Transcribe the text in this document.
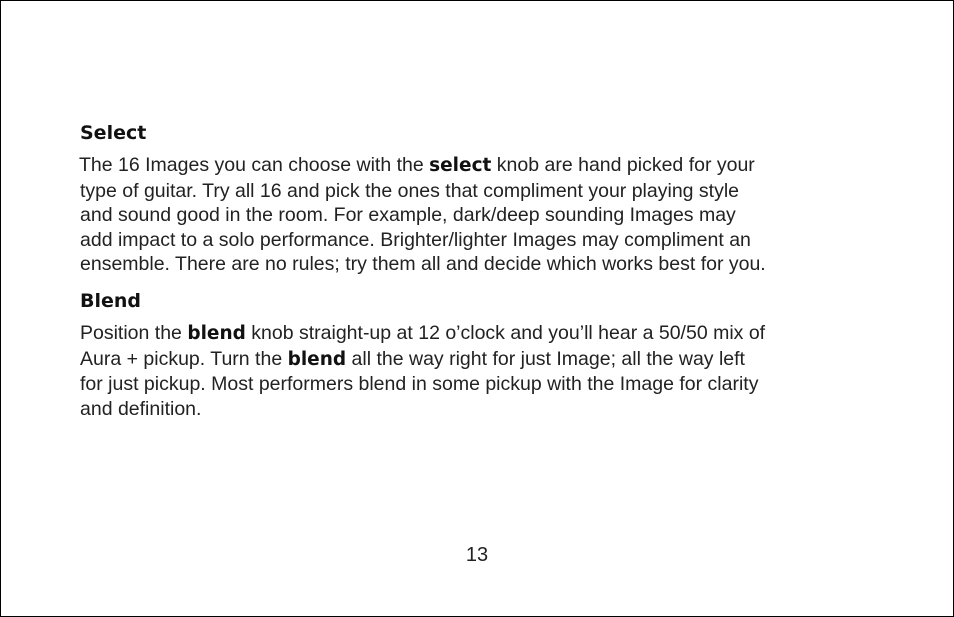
Select

The 16 Images you can choose with the select knob are hand picked for your
type of guitar. Try all 16 and pick the ones that compliment your playing style
and sound good in the room. For example, dark/deep sounding Images may
add impact to a solo performance. Brighter/lighter Images may compliment an
ensemble. There are no rules; try them all and decide which works best for you.

Blend

Position the blend knob straight-up at 12 o’clock and you’ll hear a 50/50 mix of
Aura + pickup. Turn the blend all the way right for just Image; all the way left
for just pickup. Most performers blend in some pickup with the Image for clarity
and definition.

13
